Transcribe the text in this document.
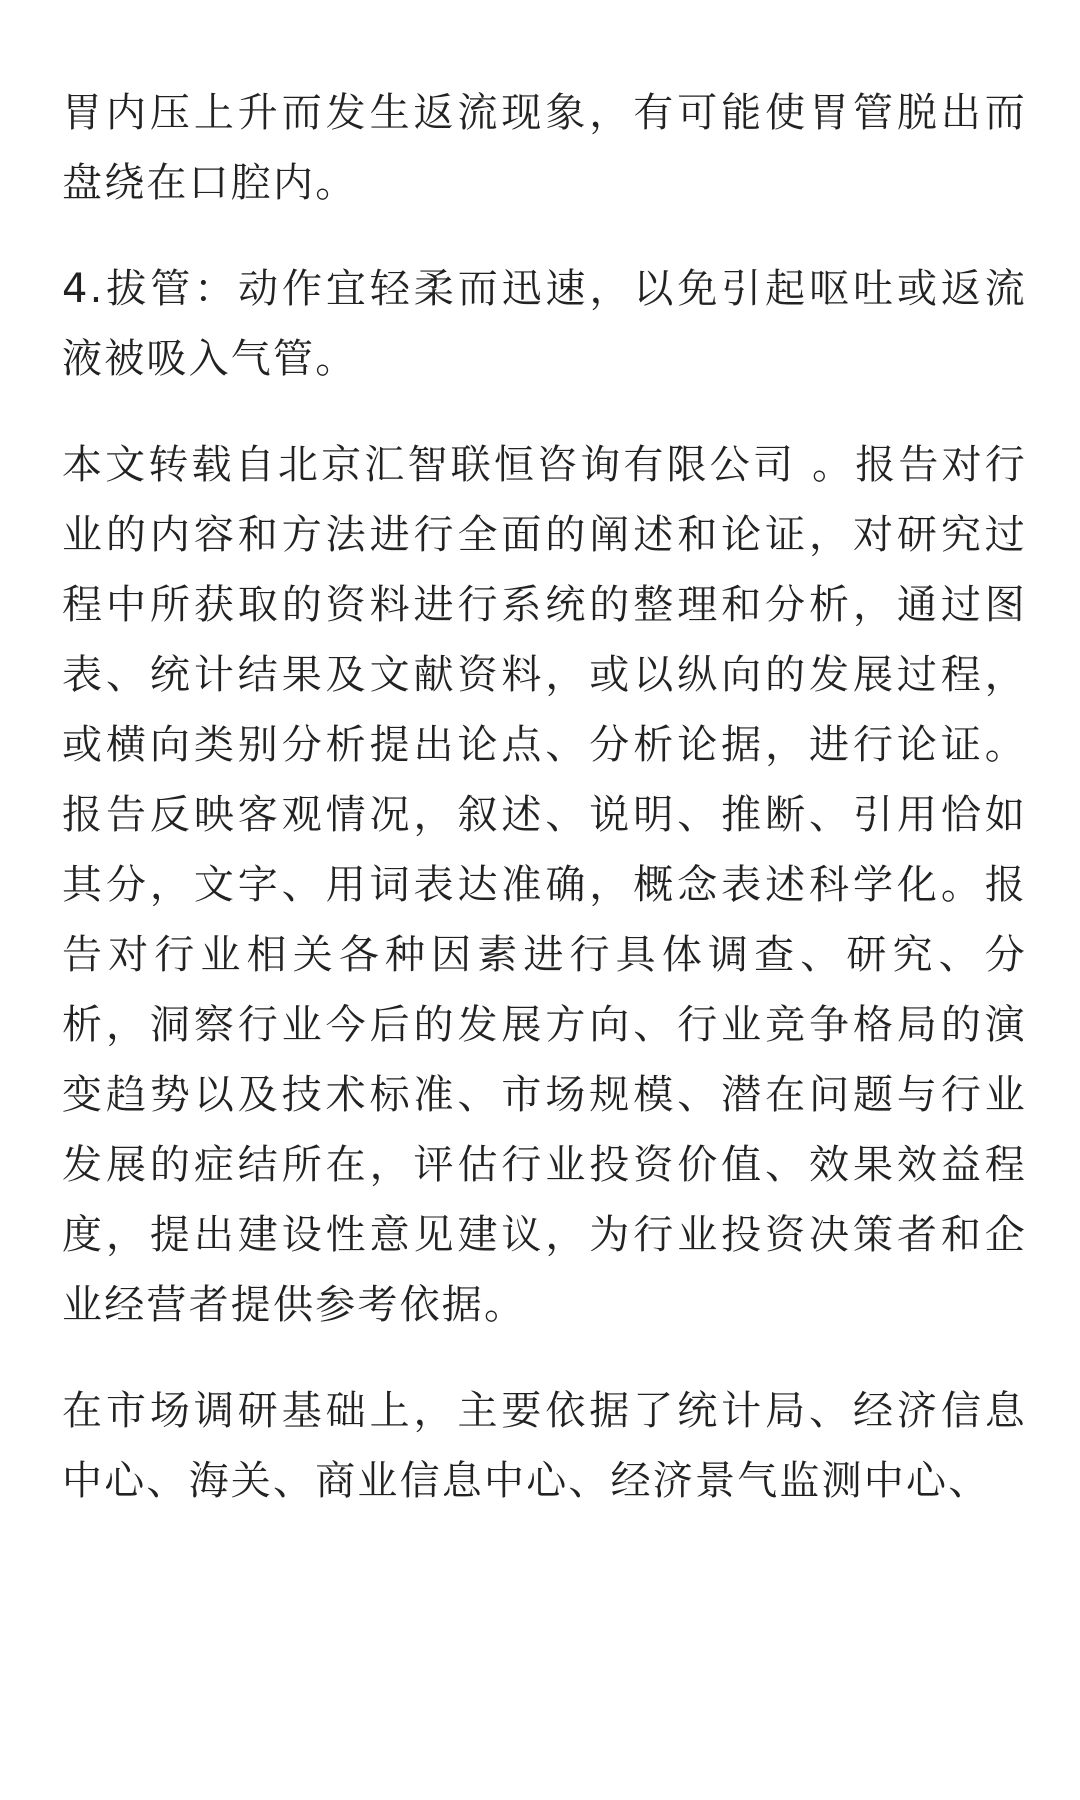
胃内压上升而发生返流现象，有可能使胃管脱出而盘绕在口腔内。

4.拔管：动作宜轻柔而迅速，以免引起呕吐或返流液被吸入气管。

本文转载自北京汇智联恒咨询有限公司 。报告对行业的内容和方法进行全面的阐述和论证，对研究过程中所获取的资料进行系统的整理和分析，通过图表、统计结果及文献资料，或以纵向的发展过程，或横向类别分析提出论点、分析论据，进行论证。报告反映客观情况，叙述、说明、推断、引用恰如其分，文字、用词表达准确，概念表述科学化。报告对行业相关各种因素进行具体调查、研究、分析，洞察行业今后的发展方向、行业竞争格局的演变趋势以及技术标准、市场规模、潜在问题与行业发展的症结所在，评估行业投资价值、效果效益程度，提出建设性意见建议，为行业投资决策者和企业经营者提供参考依据。

在市场调研基础上，主要依据了统计局、经济信息中心、海关、商业信息中心、经济景气监测中心、
